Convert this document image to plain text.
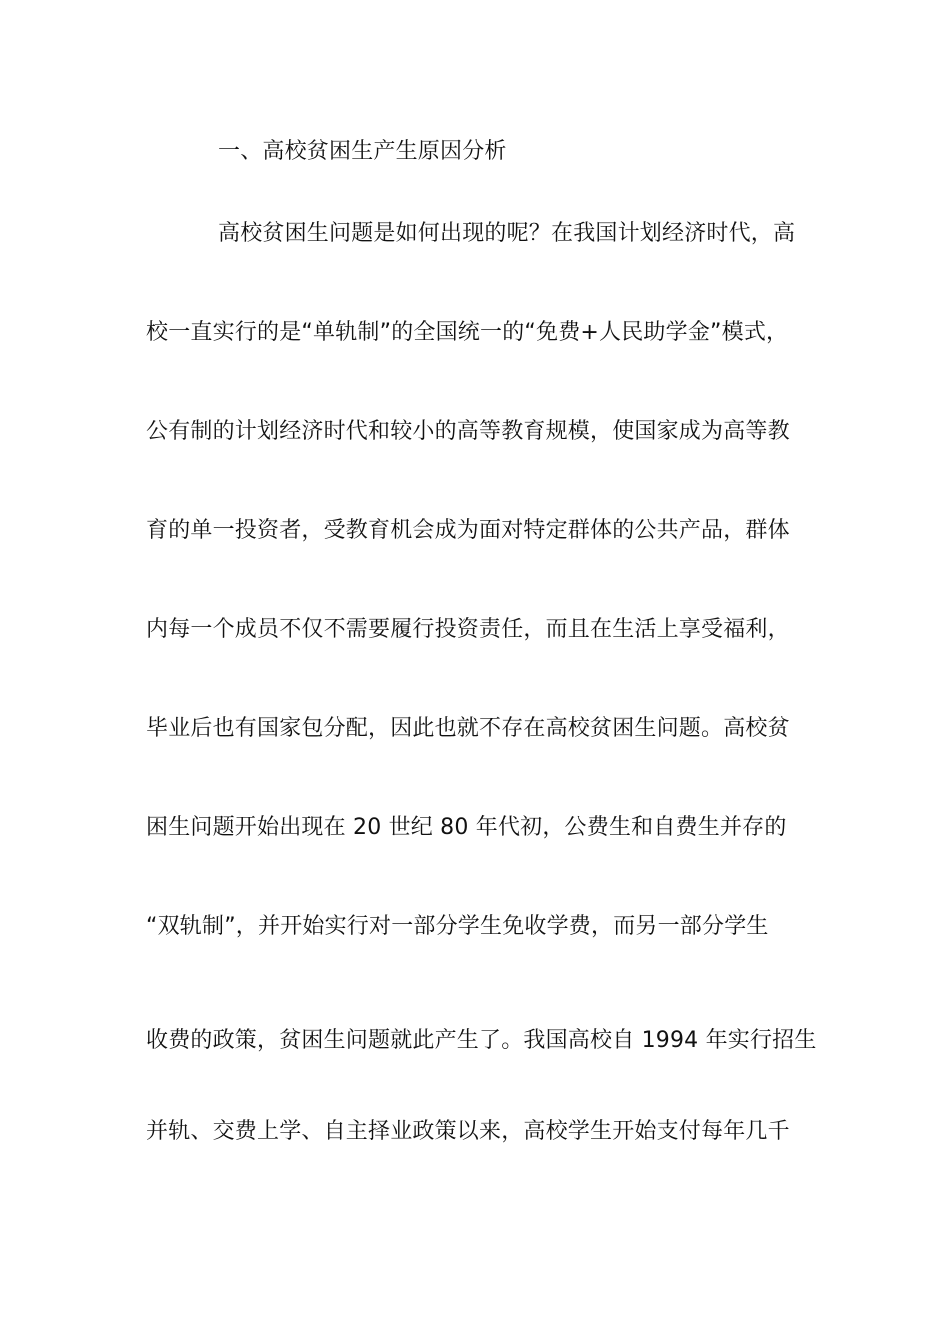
一、高校贫困生产生原因分析
高校贫困生问题是如何出现的呢？在我国计划经济时代，高
校一直实行的是“单轨制”的全国统一的“免费+人民助学金”模式，
公有制的计划经济时代和较小的高等教育规模，使国家成为高等教
育的单一投资者，受教育机会成为面对特定群体的公共产品，群体
内每一个成员不仅不需要履行投资责任，而且在生活上享受福利，
毕业后也有国家包分配，因此也就不存在高校贫困生问题。高校贫
困生问题开始出现在 20 世纪 80 年代初，公费生和自费生并存的
“双轨制”，并开始实行对一部分学生免收学费，而另一部分学生
收费的政策，贫困生问题就此产生了。我国高校自 1994 年实行招生
并轨、交费上学、自主择业政策以来，高校学生开始支付每年几千
